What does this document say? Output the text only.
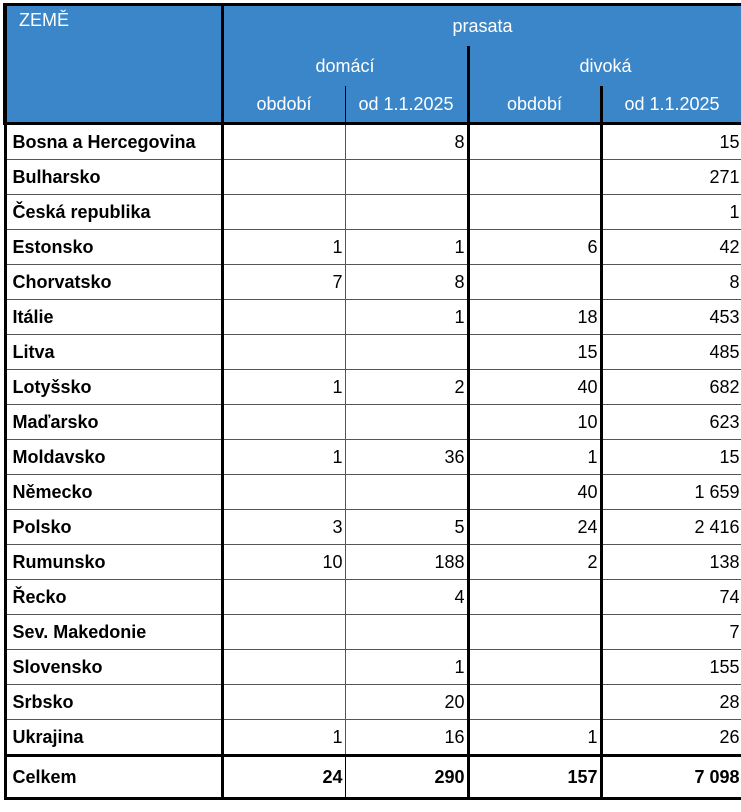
ZEMĚ	prasata			
	domácí		divoká	
	období	od 1.1.2025	období	od 1.1.2025
Bosna a Hercegovina		8		15
Bulharsko				271
Česká republika				1
Estonsko	1	1	6	42
Chorvatsko	7	8		8
Itálie		1	18	453
Litva			15	485
Lotyšsko	1	2	40	682
Maďarsko			10	623
Moldavsko	1	36	1	15
Německo			40	1 659
Polsko	3	5	24	2 416
Rumunsko	10	188	2	138
Řecko		4		74
Sev. Makedonie				7
Slovensko		1		155
Srbsko		20		28
Ukrajina	1	16	1	26
Celkem	24	290	157	7 098
